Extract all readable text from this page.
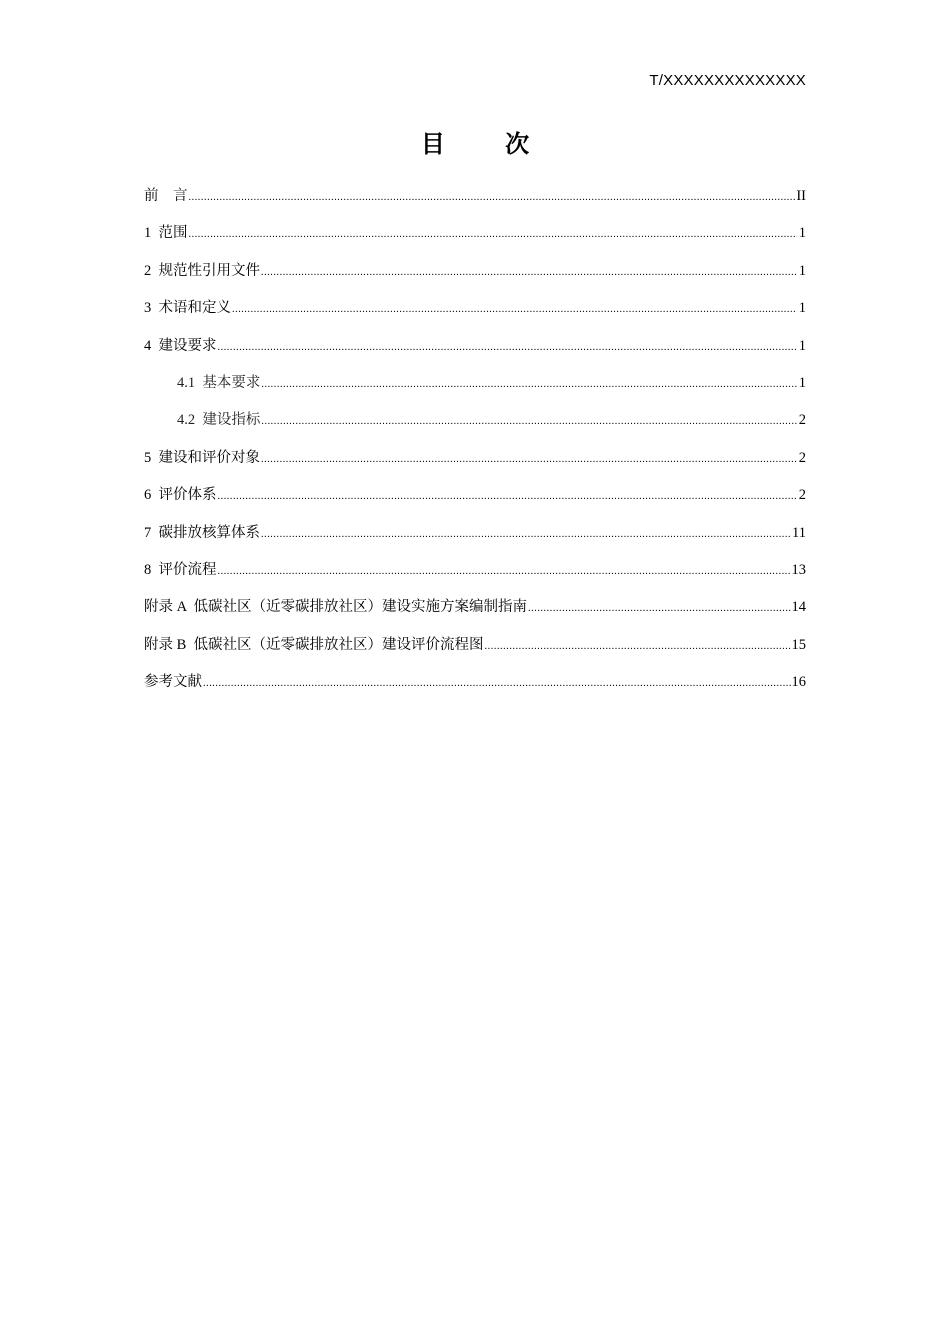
T/XXXXXXXXXXXXXX
目 次
前　言 .....	II
1  范围 .....	1
2  规范性引用文件 .....	1
3  术语和定义 .....	1
4  建设要求 .....	1
4.1  基本要求 .....	1
4.2  建设指标 .....	2
5  建设和评价对象 .....	2
6  评价体系 .....	2
7  碳排放核算体系 .....	11
8  评价流程 .....	13
附录 A  低碳社区（近零碳排放社区）建设实施方案编制指南 .....	14
附录 B  低碳社区（近零碳排放社区）建设评价流程图 .....	15
参考文献 .....	16
